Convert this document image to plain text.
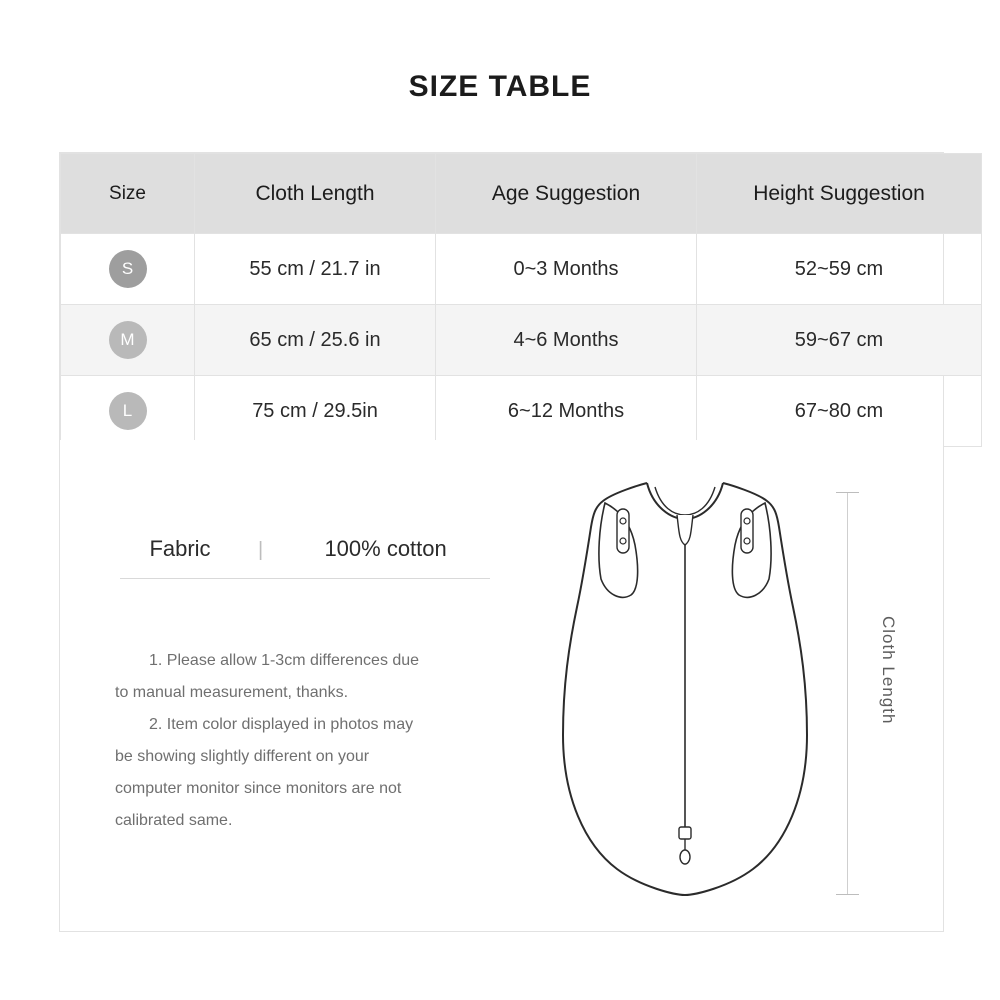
SIZE TABLE
Size	Cloth Length	Age Suggestion	Height Suggestion
S	55 cm / 21.7 in	0~3 Months	52~59 cm
M	65 cm / 25.6 in	4~6 Months	59~67 cm
L	75 cm / 29.5in	6~12 Months	67~80 cm
Fabric	|	100% cotton

1. Please allow 1-3cm differences due

to manual measurement, thanks.

2. Item color displayed in photos may

be showing slightly different on your

computer monitor since monitors are not

calibrated same.

Cloth Length
